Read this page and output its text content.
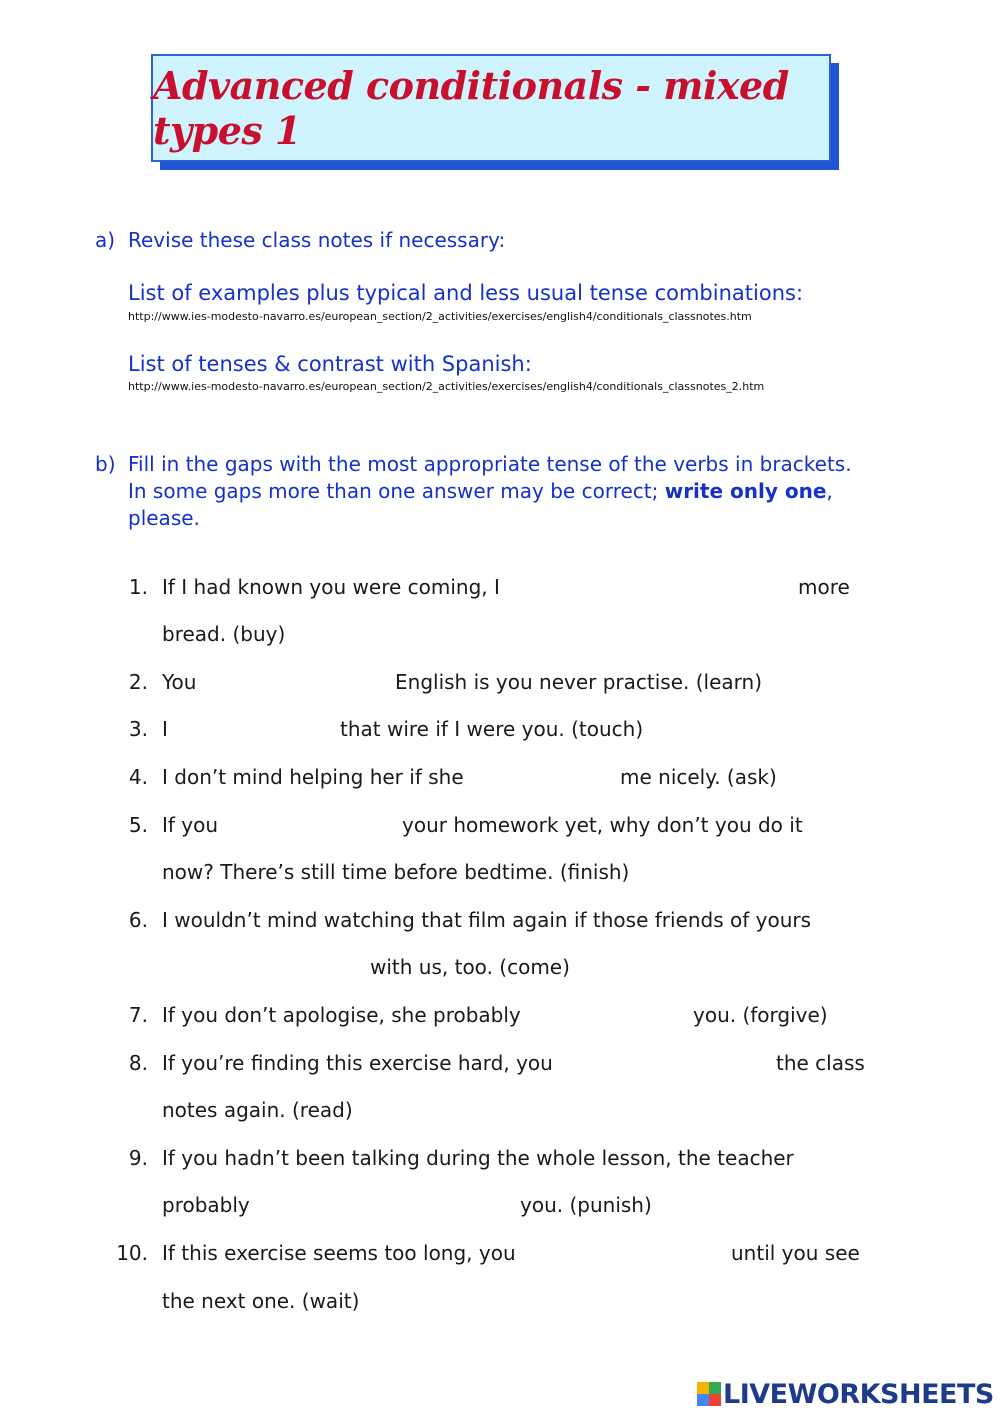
Advanced conditionals - mixed types 1
a) Revise these class notes if necessary:
List of examples plus typical and less usual tense combinations:
http://www.ies-modesto-navarro.es/european_section/2_activities/exercises/english4/conditionals_classnotes.htm
List of tenses & contrast with Spanish:
http://www.ies-modesto-navarro.es/european_section/2_activities/exercises/english4/conditionals_classnotes_2.htm
b) Fill in the gaps with the most appropriate tense of the verbs in brackets.
In some gaps more than one answer may be correct; write only one,
please.
1. If I had known you were coming, I	more
bread. (buy)
2. You	English is you never practise. (learn)
3. I	that wire if I were you. (touch)
4. I don’t mind helping her if she	me nicely. (ask)
5. If you	your homework yet, why don’t you do it
now? There’s still time before bedtime. (finish)
6. I wouldn’t mind watching that film again if those friends of yours
with us, too. (come)
7. If you don’t apologise, she probably	you. (forgive)
8. If you’re finding this exercise hard, you	the class
notes again. (read)
9. If you hadn’t been talking during the whole lesson, the teacher
probably	you. (punish)
10. If this exercise seems too long, you	until you see
the next one. (wait)
LIVEWORKSHEETS
